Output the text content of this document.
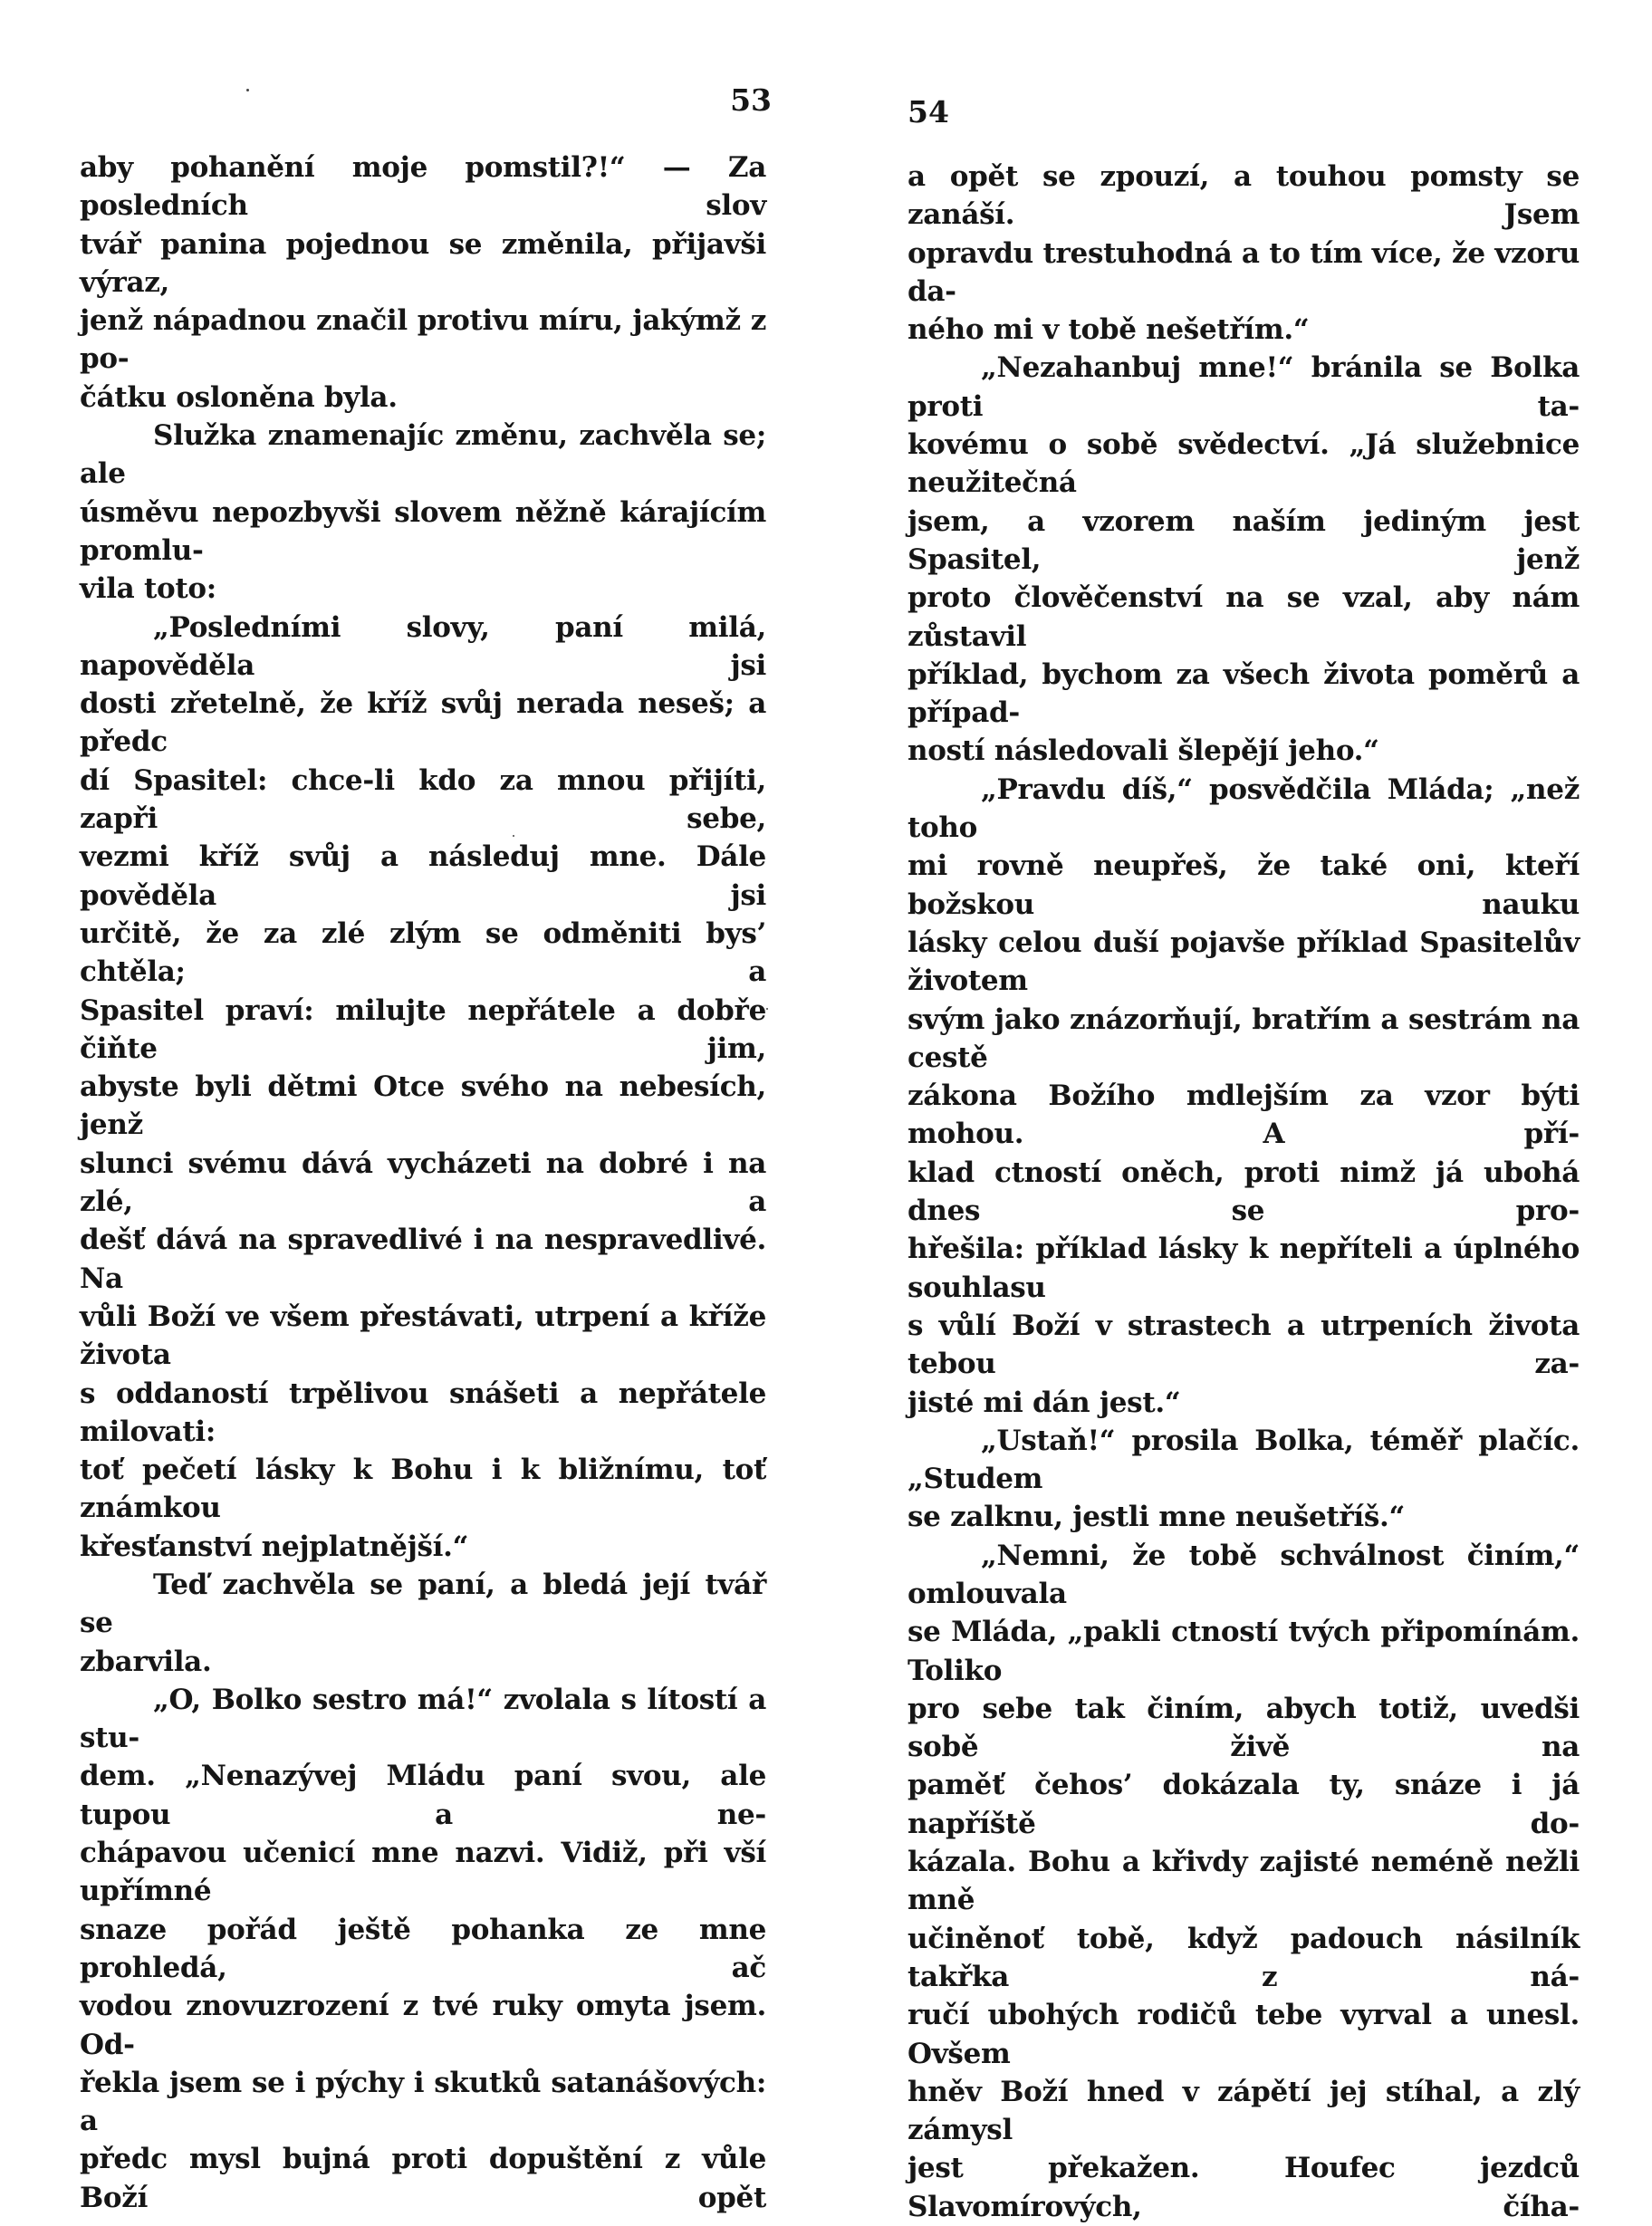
53

aby pohanění moje pomstil?!“ — Za posledních slov
tvář panina pojednou se změnila, přijavši výraz,
jenž nápadnou značil protivu míru, jakýmž z po-
čátku osloněna byla.

Služka znamenajíc změnu, zachvěla se; ale
úsměvu nepozbyvši slovem něžně kárajícím promlu-
vila toto:

„Posledními slovy, paní milá, napověděla jsi
dosti zřetelně, že kříž svůj nerada neseš; a předc
dí Spasitel: chce-li kdo za mnou přijíti, zapři sebe,
vezmi kříž svůj a následuj mne. Dále pověděla jsi
určitě, že za zlé zlým se odměniti bys’ chtěla; a
Spasitel praví: milujte nepřátele a dobře čiňte jim,
abyste byli dětmi Otce svého na nebesích, jenž
slunci svému dává vycházeti na dobré i na zlé, a
dešť dává na spravedlivé i na nespravedlivé. Na
vůli Boží ve všem přestávati, utrpení a kříže života
s oddaností trpělivou snášeti a nepřátele milovati:
toť pečetí lásky k Bohu i k bližnímu, toť známkou
křesťanství nejplatnější.“

Teď zachvěla se paní, a bledá její tvář se
zbarvila.

„O, Bolko sestro má!“ zvolala s lítostí a stu-
dem. „Nenazývej Mládu paní svou, ale tupou a ne-
chápavou učenicí mne nazvi. Vidiž, při vší upřímné
snaze pořád ještě pohanka ze mne prohledá, ač
vodou znovuzrození z tvé ruky omyta jsem. Od-
řekla jsem se i pýchy i skutků satanášových: a
předc mysl bujná proti dopuštění z vůle Boží opět

54

a opět se zpouzí, a touhou pomsty se zanáší. Jsem
opravdu trestuhodná a to tím více, že vzoru da-
ného mi v tobě nešetřím.“

„Nezahanbuj mne!“ bránila se Bolka proti ta-
kovému o sobě svědectví. „Já služebnice neužitečná
jsem, a vzorem naším jediným jest Spasitel, jenž
proto člověčenství na se vzal, aby nám zůstavil
příklad, bychom za všech života poměrů a případ-
ností následovali šlepějí jeho.“

„Pravdu díš,“ posvědčila Mláda; „než toho
mi rovně neupřeš, že také oni, kteří božskou nauku
lásky celou duší pojavše příklad Spasitelův životem
svým jako znázorňují, bratřím a sestrám na cestě
zákona Božího mdlejším za vzor býti mohou. A pří-
klad ctností oněch, proti nimž já ubohá dnes se pro-
hřešila: příklad lásky k nepříteli a úplného souhlasu
s vůlí Boží v strastech a utrpeních života tebou za-
jisté mi dán jest.“

„Ustaň!“ prosila Bolka, téměř plačíc. „Studem
se zalknu, jestli mne neušetříš.“

„Nemni, že tobě schválnost činím,“ omlouvala
se Mláda, „pakli ctností tvých připomínám. Toliko
pro sebe tak činím, abych totiž, uvedši sobě živě na
paměť čehos’ dokázala ty, snáze i já napříště do-
kázala. Bohu a křivdy zajisté neméně nežli mně
učiněnoť tobě, když padouch násilník takřka z ná-
ručí ubohých rodičů tebe vyrval a unesl. Ovšem
hněv Boží hned v zápětí jej stíhal, a zlý zámysl
jest překažen. Houfec jezdců Slavomírových, číha-
